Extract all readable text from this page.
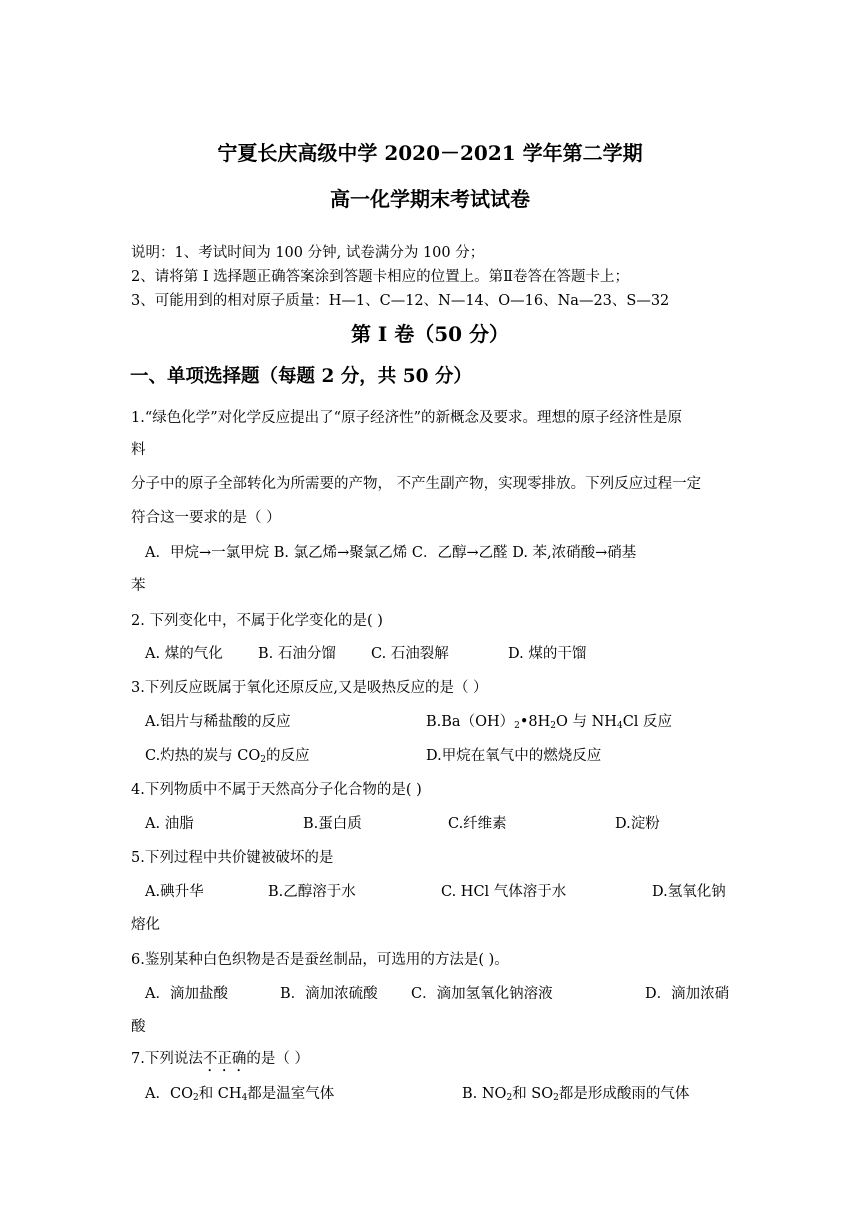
宁夏长庆高级中学 2020－2021 学年第二学期
高一化学期末考试试卷
说明：1、考试时间为 100 分钟, 试卷满分为 100 分；
2、请将第 I 选择题正确答案涂到答题卡相应的位置上。第Ⅱ卷答在答题卡上；
3、可能用到的相对原子质量：H—1、C—12、N—14、O—16、Na—23、S—32
第 I 卷（50 分）
一、单项选择题（每题 2 分，共 50 分）
1.“绿色化学”对化学反应提出了“原子经济性”的新概念及要求。理想的原子经济性是原
料
分子中的原子全部转化为所需要的产物， 不产生副产物，实现零排放。下列反应过程一定
符合这一要求的是（ ）
A．甲烷→一氯甲烷 B. 氯乙烯→聚氯乙烯 C．乙醇→乙醛 D. 苯,浓硝酸→硝基
苯
2. 下列变化中，不属于化学变化的是( )
A. 煤的气化 B. 石油分馏 C. 石油裂解	D. 煤的干馏
3.下列反应既属于氧化还原反应,又是吸热反应的是（ ）
A.铝片与稀盐酸的反应	$B.Ba(OH)_2•8H_2O$ 与 $NH_4Cl$ 反应
C.灼热的炭与 $CO_2$的反应	D.甲烷在氧气中的燃烧反应
4.下列物质中不属于天然高分子化合物的是( )
A. 油脂	B.蛋白质	C.纤维素	D.淀粉
5.下列过程中共价键被破坏的是
A.碘升华	B.乙醇溶于水	C. HCl 气体溶于水	D.氢氧化钠
熔化
6.鉴别某种白色织物是否是蚕丝制品，可选用的方法是( )。
A．滴加盐酸	B．滴加浓硫酸 C．滴加氢氧化钠溶液	D．滴加浓硝
酸
7.下列说法不正确的是（ ）
A．$CO_2$和 $CH_4$都是温室气体	B. $NO_2$和 $SO_2$都是形成酸雨的气体
